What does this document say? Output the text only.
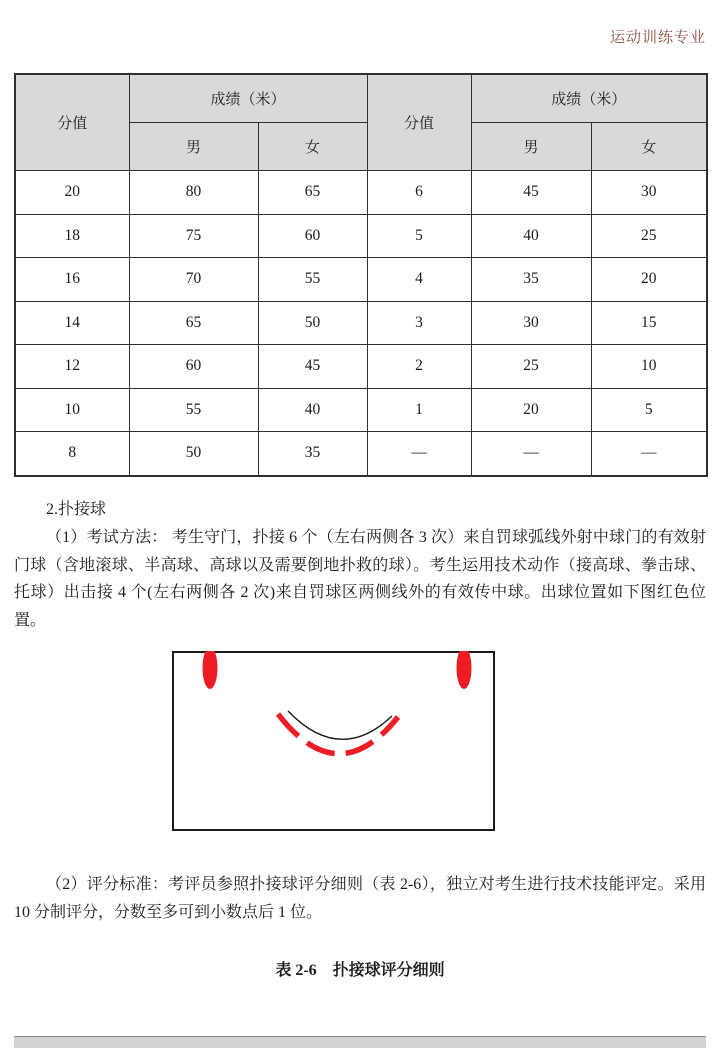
运动训练专业
分值	成绩（米）		分值	成绩（米）	
	男	女		男	女
20	80	65	6	45	30
18	75	60	5	40	25
16	70	55	4	35	20
14	65	50	3	30	15
12	60	45	2	25	10
10	55	40	1	20	5
8	50	35	—	—	—
2.扑接球
（1）考试方法： 考生守门，扑接 6 个（左右两侧各 3 次）来自罚球弧线外射中球门的有效射门球（含地滚球、半高球、高球以及需要倒地扑救的球）。考生运用技术动作（接高球、拳击球、托球）出击接 4 个(左右两侧各 2 次)来自罚球区两侧线外的有效传中球。出球位置如下图红色位置。
（2）评分标准：考评员参照扑接球评分细则（表 2-6），独立对考生进行技术技能评定。采用 10 分制评分，分数至多可到小数点后 1 位。
表 2-6　扑接球评分细则
